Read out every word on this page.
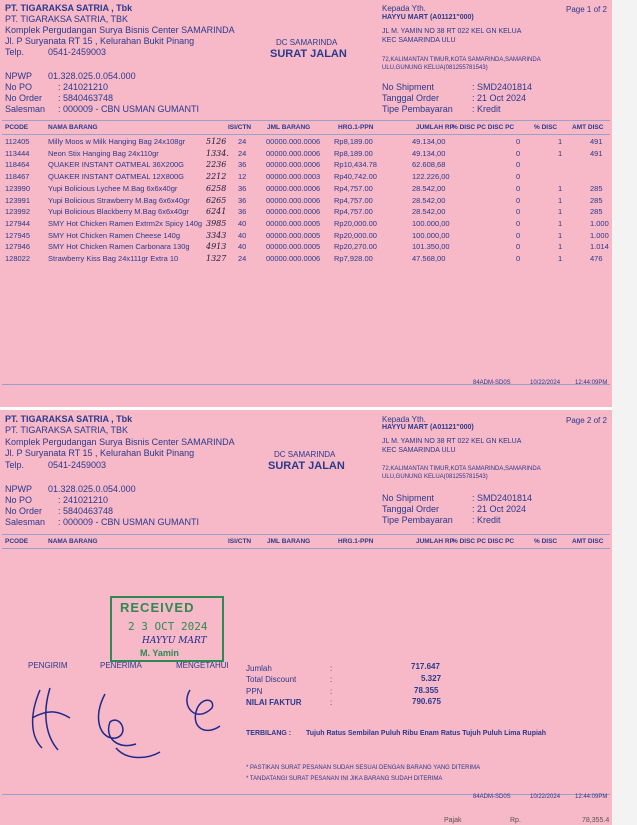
PT. TIGARAKSA SATRIA , Tbk
PT. TIGARAKSA SATRIA, TBK
Komplek Pergudangan Surya Bisnis Center SAMARINDA
Jl. P Suryanata RT 15 , Kelurahan Bukit Pinang
Telp.	0541-2459003
DC SAMARINDA
SURAT JALAN
Kepada Yth.
HAYYU MART (A01121"000)
JL M. YAMIN NO 38 RT 022 KEL GN KELUA
KEC SAMARINDA ULU
72,KALIMANTAN TIMUR,KOTA SAMARINDA,SAMARINDA
ULU,GUNUNG KELUA(081255781543)
Page 1 of 2
NPWP 01.328.025.0.054.000
No PO	: 241021210
No Order : 5840463748
Salesman : 000009 - CBN USMAN GUMANTI
No Shipment	: SMD2401814
Tanggal Order	: 21 Oct 2024
Tipe Pembayaran : Kredit
PCODE	NAMA BARANG	ISI/CTN JML BARANG	HRG.1-PPN	JUMLAH RP
% DISC PC DISC PC	% DISC AMT DISC
112405 Milly Moos w Milk Hanging Bag 24x108gr	5126 24	00000.000.0006 Rp8,189.00	49.134,00	0	1	491
113444 Neon Stix Hanging Bag 24x110gr	1334. 24	00000.000.0006 Rp8,189.00	49.134,00	0	1	491
118464 QUAKER INSTANT OATMEAL 36X200G	2236 36	00000.000.0006 Rp10,434.78	62.608,68	0
118467 QUAKER INSTANT OATMEAL 12X800G	2212 12	00000.000.0003 Rp40,742.00	122.226,00	0
123990 Yupi Bolicious Lychee M.Bag 6x6x40gr	6258 36	00000.000.0006 Rp4,757.00	28.542,00	0	1	285
123991 Yupi Bolicious Strawberry M.Bag 6x6x40gr 6265 36	00000.000.0006 Rp4,757.00	28.542,00	0	1	285
123992 Yupi Bolicious Blackberry M.Bag 6x6x40gr 6241 36	00000.000.0006 Rp4,757.00	28.542,00	0	1	285
127944 SMY Hot Chicken Ramen Extrm2x Spicy 140g 3985 40	00000.000.0005 Rp20,000.00	100.000,00	0	1	1.000
127945 SMY Hot Chicken Ramen Cheese 140g	3343 40	00000.000.0005 Rp20,000.00	100.000,00	0	1	1.000
127946 SMY Hot Chicken Ramen Carbonara 130g 4913 40	00000.000.0005 Rp20,270.00	101.350,00	0	1	1.014
128022 Strawberry Kiss Bag 24x111gr Extra 10	1327 24	00000.000.0006 Rp7,928.00	47.568,00	0	1	476
84ADM-SD0S	10/22/2024 12:44:09PM
PT. TIGARAKSA SATRIA , Tbk
PT. TIGARAKSA SATRIA, TBK
Komplek Pergudangan Surya Bisnis Center SAMARINDA
Jl. P Suryanata RT 15 , Kelurahan Bukit Pinang
Telp.	0541-2459003
DC SAMARINDA
SURAT JALAN
Kepada Yth.
HAYYU MART (A01121"000)
JL M. YAMIN NO 38 RT 022 KEL GN KELUA
KEC SAMARINDA ULU
72,KALIMANTAN TIMUR,KOTA SAMARINDA,SAMARINDA
ULU,GUNUNG KELUA(081255781543)
Page 2 of 2
NPWP 01.328.025.0.054.000
No PO	: 241021210
No Order : 5840463748
Salesman : 000009 - CBN USMAN GUMANTI
No Shipment	: SMD2401814
Tanggal Order	: 21 Oct 2024
Tipe Pembayaran : Kredit
PCODE	NAMA BARANG	ISI/CTN JML BARANG	HRG.1-PPN	JUMLAH RP
% DISC PC DISC PC	% DISC AMT DISC
PENGIRIM	PENERIMA	MENGETAHUI Jumlah	:	717.647
Total Discount	:	5.327
PPN	:	78.355
NILAI FAKTUR	:	790.675
TERBILANG : Tujuh Ratus Sembilan Puluh Ribu Enam Ratus Tujuh Puluh Lima Rupiah
* PASTIKAN SURAT PESANAN SUDAH SESUAI DENGAN BARANG YANG DITERIMA
* TANDATANGI SURAT PESANAN INI JIKA BARANG SUDAH DITERIMA
84ADM-SD0S	10/22/2024 12:44:09PM
RECEIVED
2 3 OCT 2024
HAYYU MART
M. Yamin
Pajak	Rp.	78,355.4
